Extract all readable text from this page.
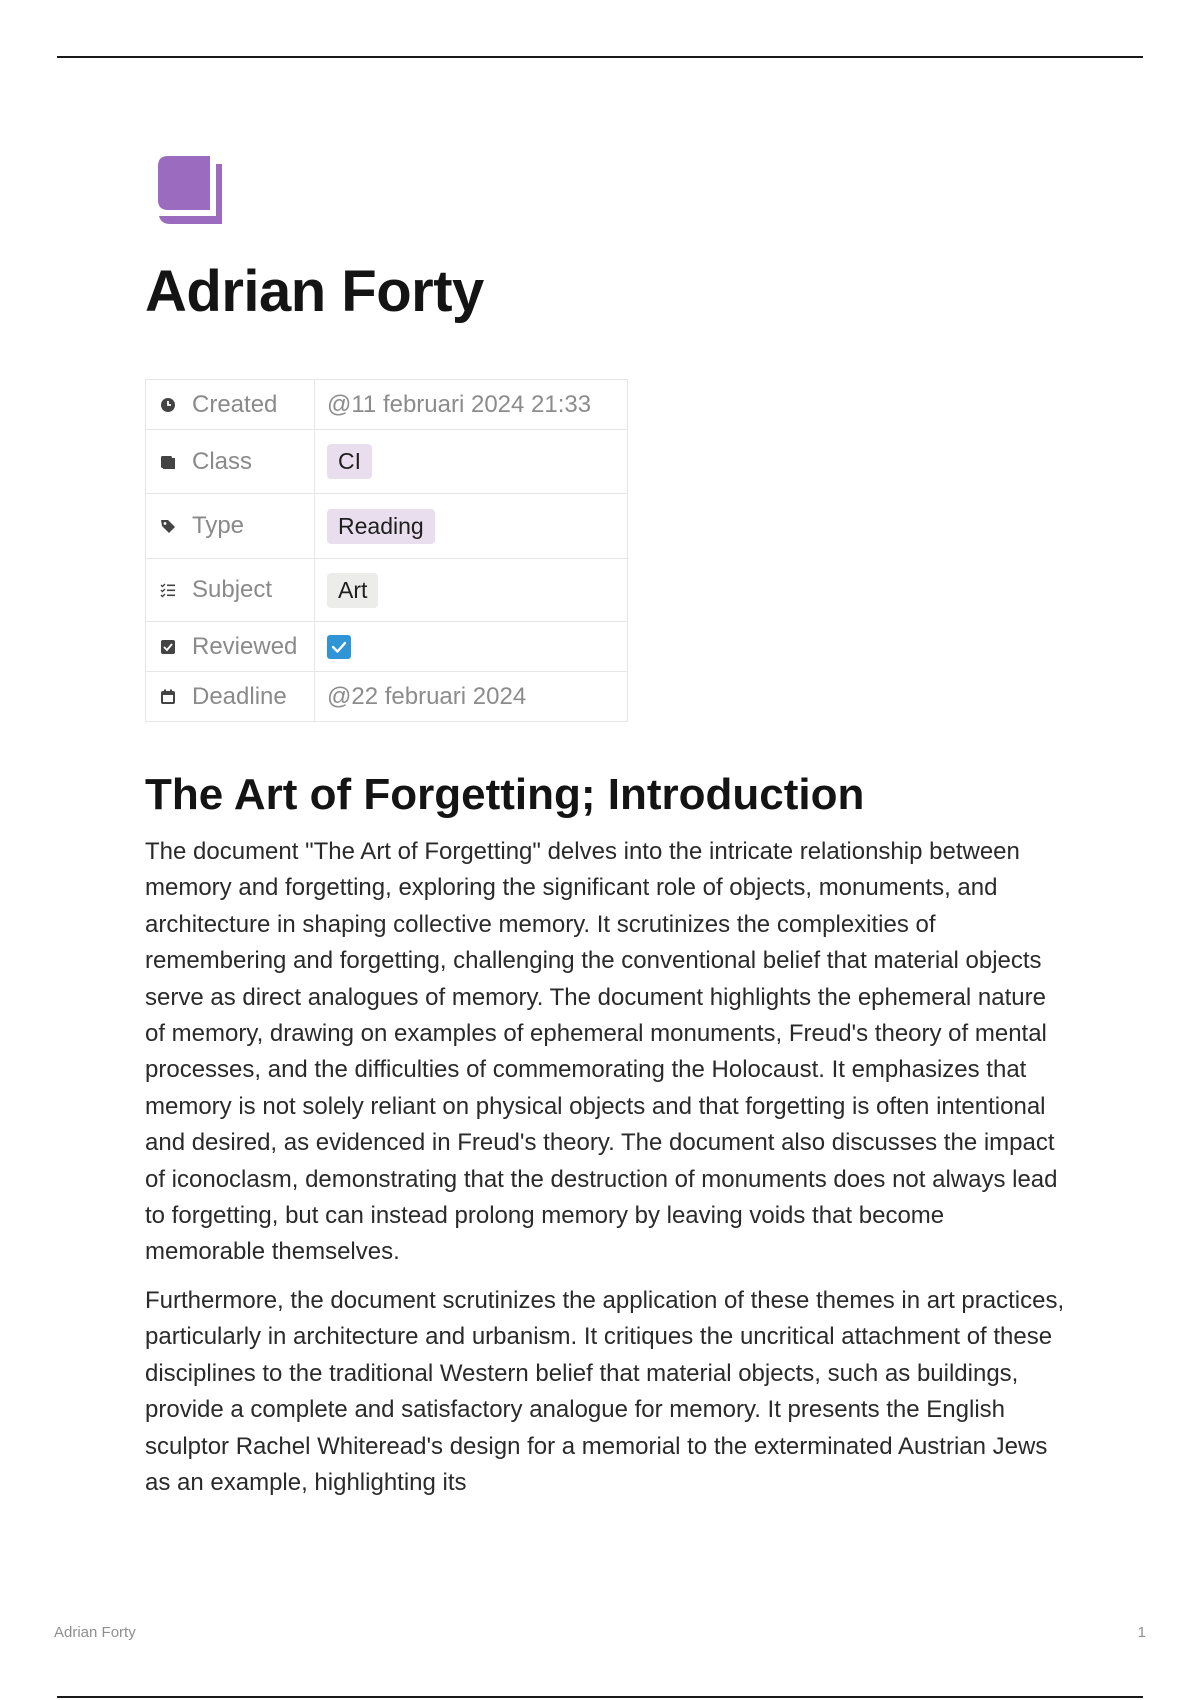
Adrian Forty
Created	@11 februari 2024 21:33

Class	CI

Type	Reading

Subject	Art

Reviewed

Deadline	@22 februari 2024
The Art of Forgetting; Introduction

The document "The Art of Forgetting" delves into the intricate relationship between memory and forgetting, exploring the significant role of objects, monuments, and architecture in shaping collective memory. It scrutinizes the complexities of remembering and forgetting, challenging the conventional belief that material objects serve as direct analogues of memory. The document highlights the ephemeral nature of memory, drawing on examples of ephemeral monuments, Freud's theory of mental processes, and the difficulties of commemorating the Holocaust. It emphasizes that memory is not solely reliant on physical objects and that forgetting is often intentional and desired, as evidenced in Freud's theory. The document also discusses the impact of iconoclasm, demonstrating that the destruction of monuments does not always lead to forgetting, but can instead prolong memory by leaving voids that become memorable themselves.

Furthermore, the document scrutinizes the application of these themes in art practices, particularly in architecture and urbanism. It critiques the uncritical attachment of these disciplines to the traditional Western belief that material objects, such as buildings, provide a complete and satisfactory analogue for memory. It presents the English sculptor Rachel Whiteread's design for a memorial to the exterminated Austrian Jews as an example, highlighting its

Adrian Forty	1
